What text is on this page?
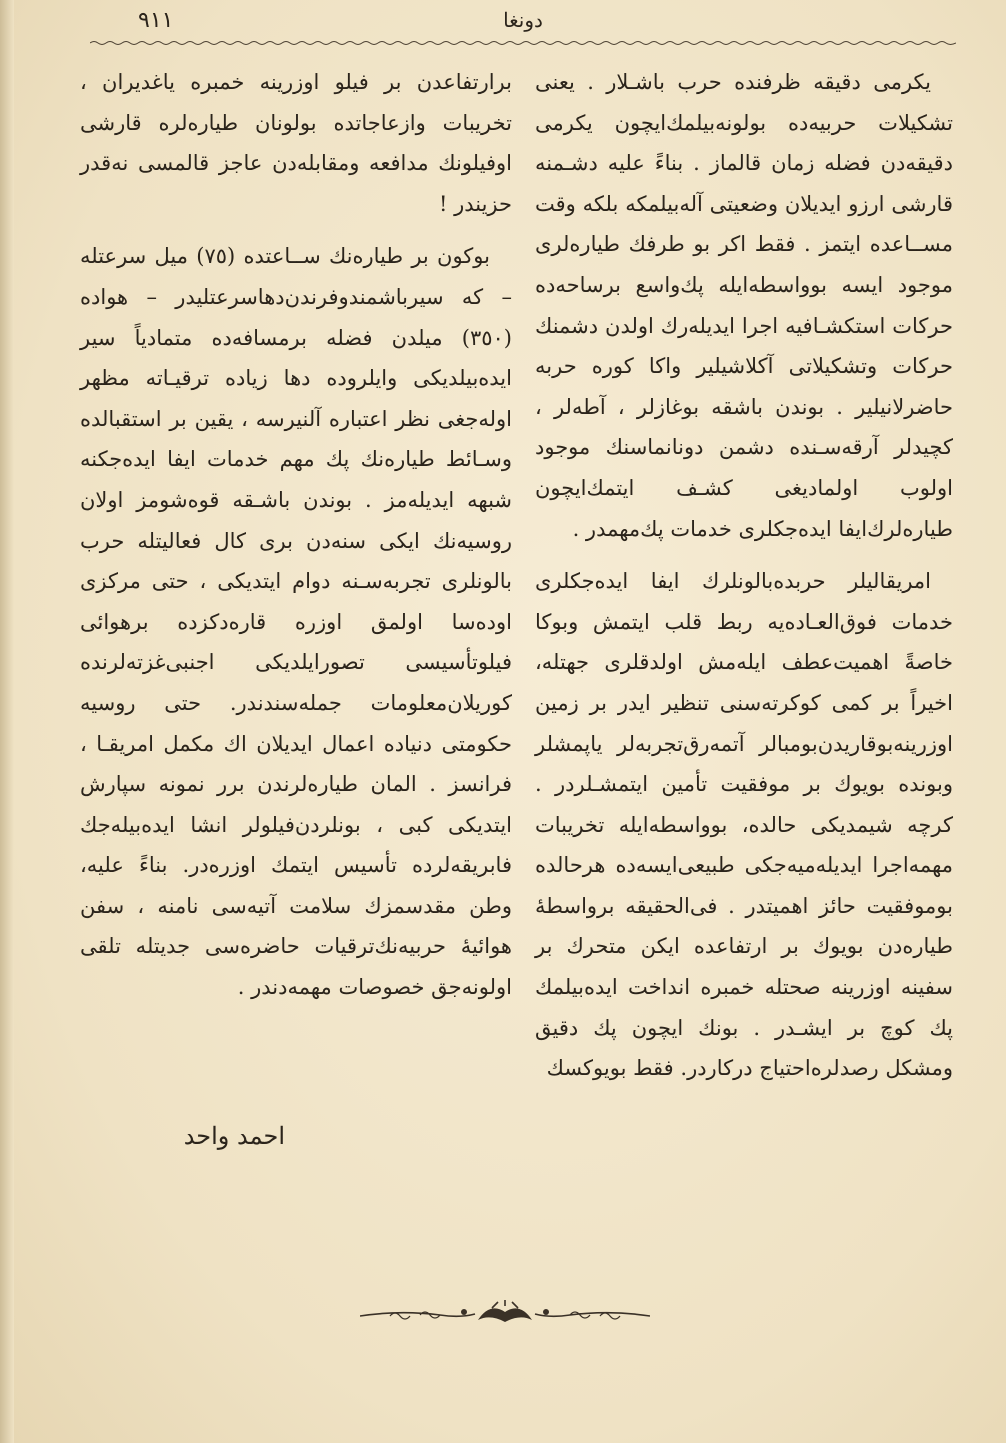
٩١١	دونغا

يكرمى دقيقه ظرفنده حرب باشـلار . يعنى تشكيلات حربيه‌ده بولونه‌بيلمك‌ايچون يكرمى دقيقه‌دن فضله زمان قالماز . بناءً عليه دشـمنه قارشى ارزو ايديلان وضعيتى آله‌بيلمكه بلكه وقت مســاعده ايتمز . فقط اكر بو طرفك طياره‌لرى موجود ايسه بوواسطه‌ايله پك‌واسع برساحه‌ده حركات استكشـافيه اجرا ايديله‌رك اولدن دشمنك حركات وتشكيلاتى آكلاشيلير واكا كوره حربه حاضرلانيلير . بوندن باشقه بوغازلر ، آطه‌لر ، كچيدلر آرقه‌سـنده دشمن دونانماسنك موجود اولوب اولماديغى كشـف ايتمك‌ايچون طياره‌لرك‌ايفا ايده‌جكلرى خدمات پك‌مهمدر .

امريقاليلر حربده‌بالونلرك ايفا ايده‌جكلرى خدمات فوق‌العـاده‌يه ربط قلب ايتمش وبوكا خاصةً اهميت‌عطف ايله‌مش اولدقلرى جهتله، اخيراً بر كمى كوكرته‌سنى تنظير ايدر بر زمين اوزرينه‌بوقاريدن‌بومبالر آتمه‌رق‌تجربه‌لر ياپمشلر وبونده بويوك بر موفقيت تأمين ايتمشـلردر . كرچه شيمديكى حالده، بوواسطه‌ايله تخريبات مهمه‌اجرا ايديله‌ميه‌جكى طبيعى‌ايسه‌ده هرحالده بوموفقيت حائز اهميتدر . فى‌الحقيقه برواسطهٔ طياره‌دن بويوك بر ارتفاعده ايكن متحرك بر سفينه اوزرينه صحتله خمبره انداخت ايده‌بيلمك پك كوچ بر ايشـدر . بونك ايچون پك دقيق ومشكل رصدلره‌احتياج دركاردر. فقط بويوكسك

برارتفاعدن بر فيلو اوزرينه خمبره ياغديران ، تخريبات وازعاجاتده بولونان طياره‌لره قارشى اوفيلونك مدافعه ومقابله‌دن عاجز قالمسى نه‌قدر حزيندر !

بوكون بر طياره‌نك ســاعتده (٧٥) ميل سرعتله – كه سيرباشمندوفرندن‌دها‌سرعتليدر – هواده (٣٥٠) ميلدن فضله برمسافه‌ده متمادياً سير ايده‌بيلديكى وايلروده دها زياده ترقيـاته مظهر اوله‌جغى نظر اعتباره آلنيرسه ، يقين بر استقبالده وسـائط طياره‌نك پك مهم خدمات ايفا ايده‌جكنه شبهه ايديله‌مز . بوندن باشـقه قوه‌شومز اولان روسيه‌نك ايكى سنه‌دن برى كال فعاليتله حرب بالونلرى تجربه‌سـنه دوام ايتديكى ، حتى مركزى اوده‌سا اولمق اوزره قاره‌دكزده برهوائى فيلوتأسيسى تصورايلديكى اجنبى‌غزته‌لرنده كوريلان‌معلومات جمله‌سندندر. حتى روسيه حكومتى دنياده اعمال ايديلان اك مكمل امريقـا ، فرانسز . المان طياره‌لرندن برر نمونه سپارش ايتديكى كبى ، بونلردن‌فيلولر انشا ايده‌بيله‌جك فابريقه‌لرده تأسيس ايتمك اوزره‌در. بناءً عليه، وطن مقدسمزك سلامت آتيه‌سى نامنه ، سفن هوائيهٔ حربيه‌نك‌ترقيات حاضره‌سى جديتله تلقى اولونه‌جق خصوصات مهمه‌دندر .

احمد واحد
